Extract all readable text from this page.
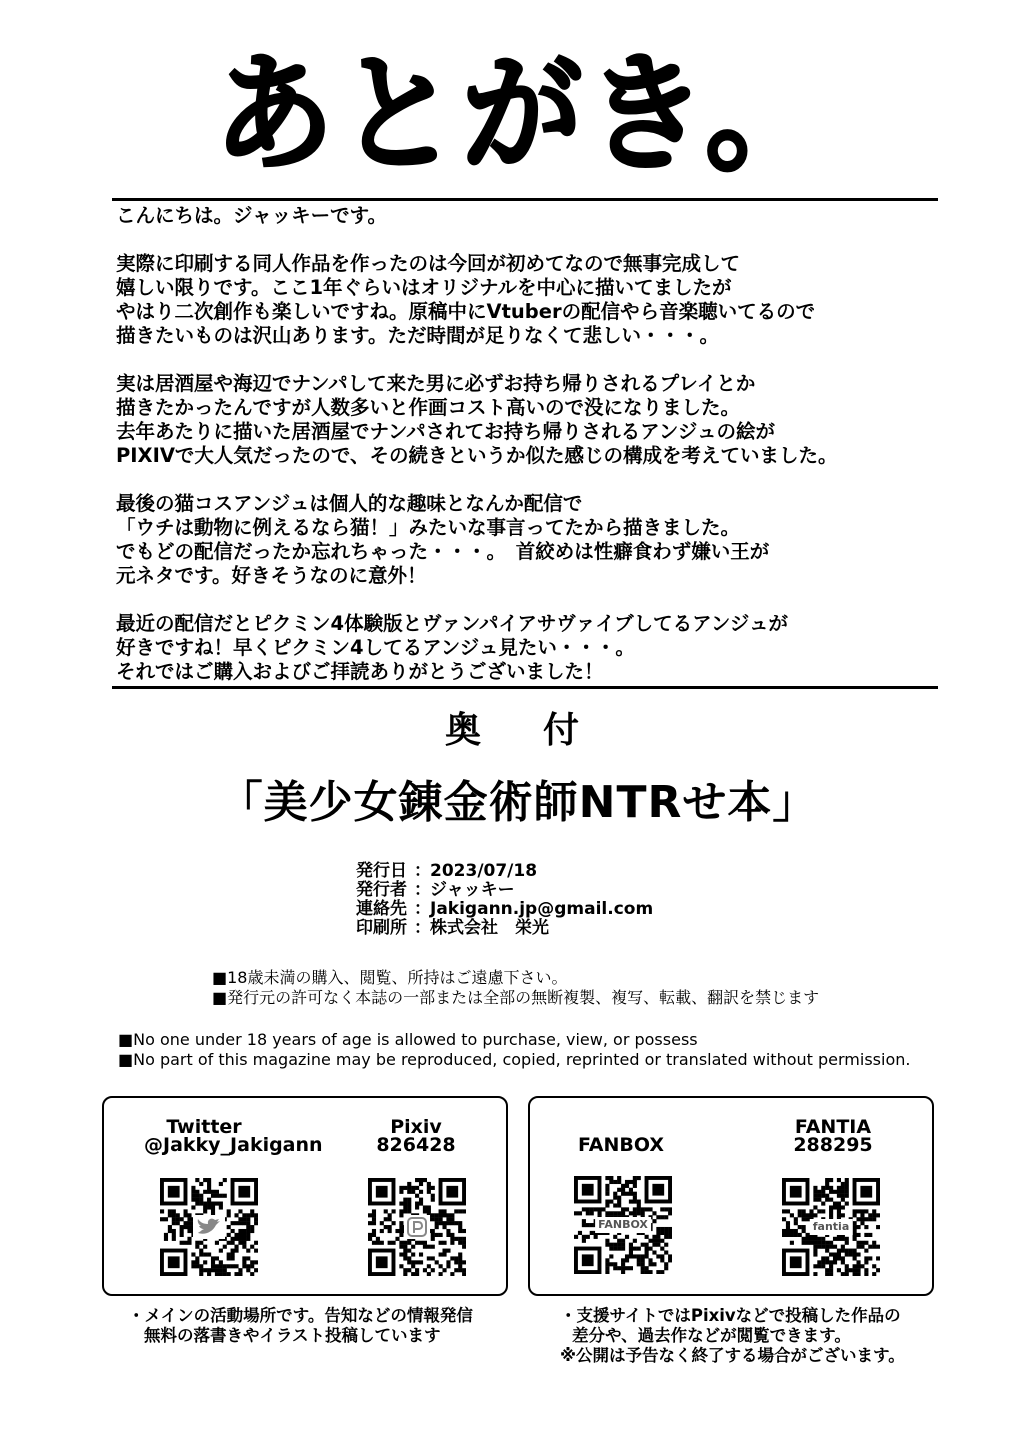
あとがき。
こんにちは。ジャッキーです。
実際に印刷する同人作品を作ったのは今回が初めてなので無事完成して
嬉しい限りです。ここ1年ぐらいはオリジナルを中心に描いてましたが
やはり二次創作も楽しいですね。原稿中にVtuberの配信やら音楽聴いてるので
描きたいものは沢山あります。ただ時間が足りなくて悲しい・・・。
実は居酒屋や海辺でナンパして来た男に必ずお持ち帰りされるプレイとか
描きたかったんですが人数多いと作画コスト高いので没になりました。
去年あたりに描いた居酒屋でナンパされてお持ち帰りされるアンジュの絵が
PIXIVで大人気だったので、その続きというか似た感じの構成を考えていました。
最後の猫コスアンジュは個人的な趣味となんか配信で
「ウチは動物に例えるなら猫！」みたいな事言ってたから描きました。
でもどの配信だったか忘れちゃった・・・。　首絞めは性癖食わず嫌い王が
元ネタです。好きそうなのに意外！
最近の配信だとピクミン4体験版とヴァンパイアサヴァイブしてるアンジュが
好きですね！早くピクミン4してるアンジュ見たい・・・。
それではご購入およびご拝読ありがとうございました！
奥付
「美少女錬金術師NTRせ本」
発行日 ： 2023/07/18
発行者 ： ジャッキー
連絡先 ： Jakigann.jp@gmail.com
印刷所 ： 株式会社　栄光
■18歳未満の購入、閲覧、所持はご遠慮下さい。
■発行元の許可なく本誌の一部または全部の無断複製、複写、転載、翻訳を禁じます
■No one under 18 years of age is allowed to purchase, view, or possess
■No part of this magazine may be reproduced, copied, reprinted or translated without permission.
Twitter
@Jakky_Jakigann
Pixiv
826428	FANBOX
FANBOX
FANTIA
288295
fantia
・メインの活動場所です。告知などの情報発信
無料の落書きやイラスト投稿しています
・支援サイトではPixivなどで投稿した作品の
差分や、過去作などが閲覧できます。
※公開は予告なく終了する場合がございます。
